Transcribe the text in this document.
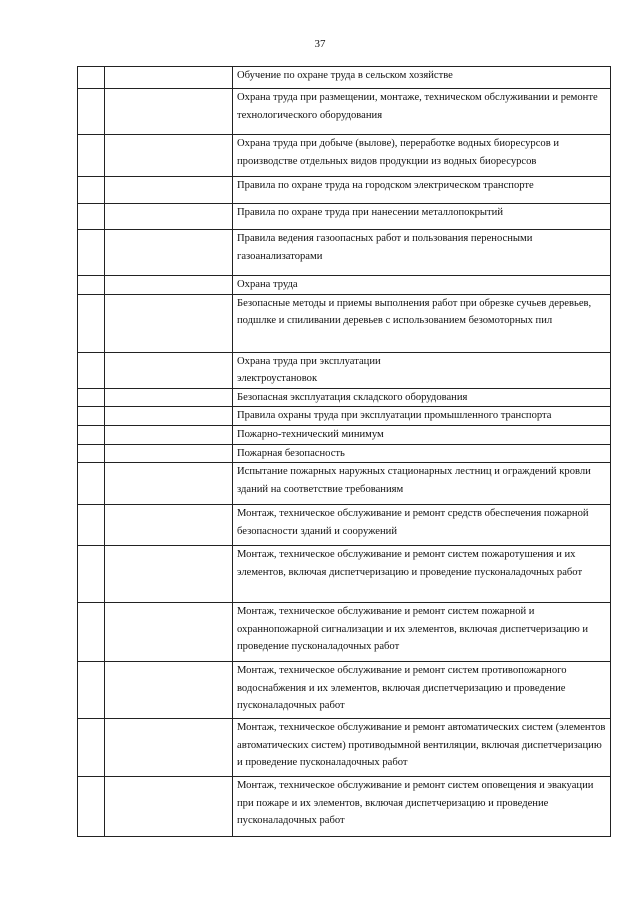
37
		Обучение по охране труда в сельском хозяйстве
		Охрана труда при размещении, монтаже, техническом обслуживании и ремонте технологического оборудования
		Охрана труда при добыче (вылове), переработке водных биоресурсов и производстве отдельных видов продукции из водных биоресурсов
		Правила по охране труда на городском электрическом транспорте
		Правила по охране труда при нанесении металлопокрытий
		Правила ведения газоопасных работ и пользования переносными газоанализаторами
		Охрана труда
		Безопасные методы и приемы выполнения работ при обрезке сучьев деревьев, подшлке и спиливании деревьев с использованием безомоторных пил
		Охрана труда при эксплуатации
электроустановок
		Безопасная эксплуатация складского оборудования
		Правила охраны труда при эксплуатации промышленного транспорта
		Пожарно-технический минимум
		Пожарная безопасность
		Испытание пожарных наружных стационарных лестниц и ограждений кровли зданий на соответствие требованиям
		Монтаж, техническое обслуживание и ремонт средств обеспечения пожарной безопасности зданий и сооружений
		Монтаж, техническое обслуживание и ремонт систем пожаротушения и их элементов, включая диспетчеризацию и проведение пусконаладочных работ
		Монтаж, техническое обслуживание и ремонт систем пожарной и охраннопожарной сигнализации и их элементов, включая диспетчеризацию и проведение пусконаладочных работ
		Монтаж, техническое обслуживание и ремонт систем противопожарного водоснабжения и их элементов, включая диспетчеризацию и проведение пусконаладочных работ
		Монтаж, техническое обслуживание и ремонт автоматических систем (элементов автоматических систем) противодымной вентиляции, включая диспетчеризацию и проведение пусконаладочных работ
		Монтаж, техническое обслуживание и ремонт систем оповещения и эвакуации при пожаре и их элементов, включая диспетчеризацию и проведение пусконаладочных работ
